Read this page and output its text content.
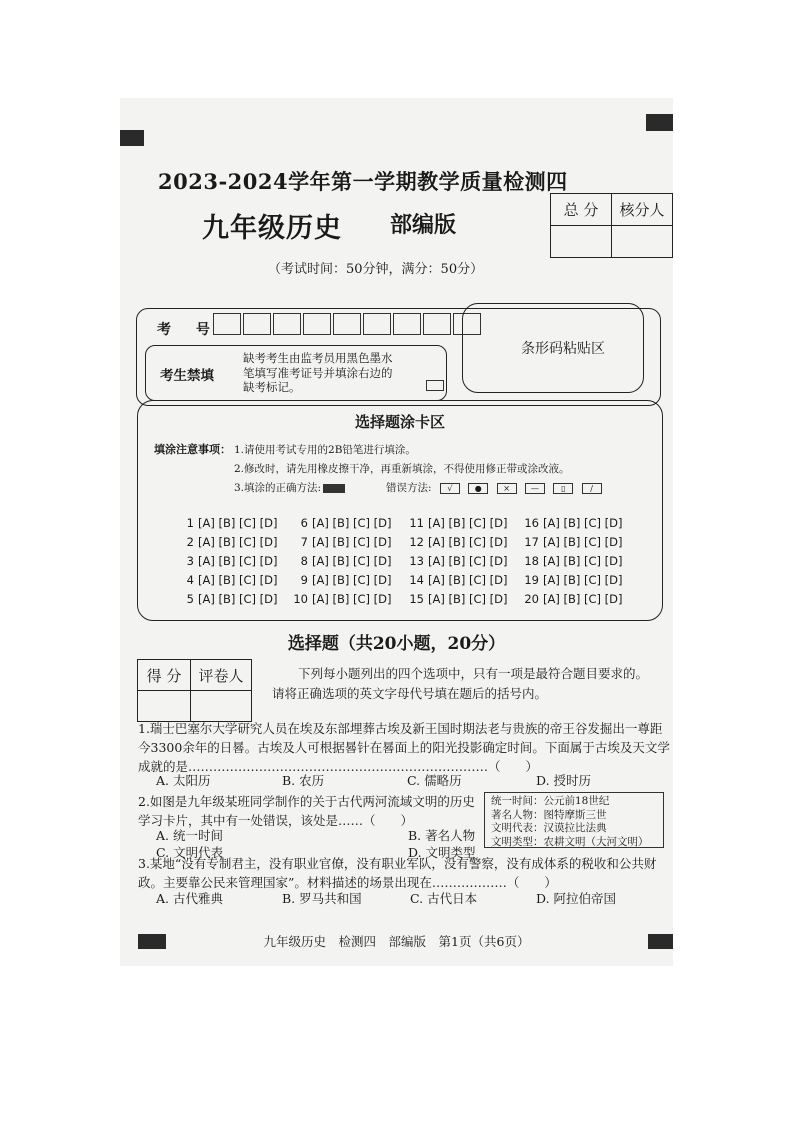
2023-2024学年第一学期教学质量检测四
九年级历史 部编版
（考试时间：50分钟，满分：50分）
总 分	核分人

考 号
考生禁填
缺考考生由监考员用黑色墨水
笔填写准考证号并填涂右边的
缺考标记。
条形码粘贴区
选择题涂卡区
填涂注意事项： 1.请使用考试专用的2B铅笔进行填涂。
2.修改时，请先用橡皮擦干净，再重新填涂，不得使用修正带或涂改液。
3.填涂的正确方法:	错误方法: √	●	×	—	▯	/
1 [A] [B] [C] [D]
2 [A] [B] [C] [D]
3 [A] [B] [C] [D]
4 [A] [B] [C] [D]
5 [A] [B] [C] [D]
6 [A] [B] [C] [D]
7 [A] [B] [C] [D]
8 [A] [B] [C] [D]
9 [A] [B] [C] [D]
10 [A] [B] [C] [D]
11 [A] [B] [C] [D]
12 [A] [B] [C] [D]
13 [A] [B] [C] [D]
14 [A] [B] [C] [D]
15 [A] [B] [C] [D]
16 [A] [B] [C] [D]
17 [A] [B] [C] [D]
18 [A] [B] [C] [D]
19 [A] [B] [C] [D]
20 [A] [B] [C] [D]
选择题（共20小题，20分）
得 分	评卷人
		下列每小题列出的四个选项中，只有一项是最符合题目要求的。
请将正确选项的英文字母代号填在题后的括号内。
1.瑞士巴塞尔大学研究人员在埃及东部埋葬古埃及新王国时期法老与贵族的帝王谷发掘出一尊距今3300余年的日晷。古埃及人可根据晷针在晷面上的阳光投影确定时间。下面属于古埃及天文学成就的是………………………………………………………………（　　）
A. 太阳历	B. 农历	C. 儒略历	D. 授时历
2.如图是九年级某班同学制作的关于古代两河流域文明的历史学习卡片，其中有一处错误，该处是……（　　）
A. 统一时间	B. 著名人物
C. 文明代表	D. 文明类型
统一时间：公元前18世纪
著名人物：图特摩斯三世
文明代表：汉谟拉比法典
文明类型：农耕文明（大河文明）
3.某地“没有专制君主，没有职业官僚，没有职业军队，没有警察，没有成体系的税收和公共财政。主要靠公民来管理国家”。材料描述的场景出现在………………（　　）
A. 古代雅典	B. 罗马共和国	C. 古代日本	D. 阿拉伯帝国
九年级历史　检测四　部编版　第1页（共6页）
